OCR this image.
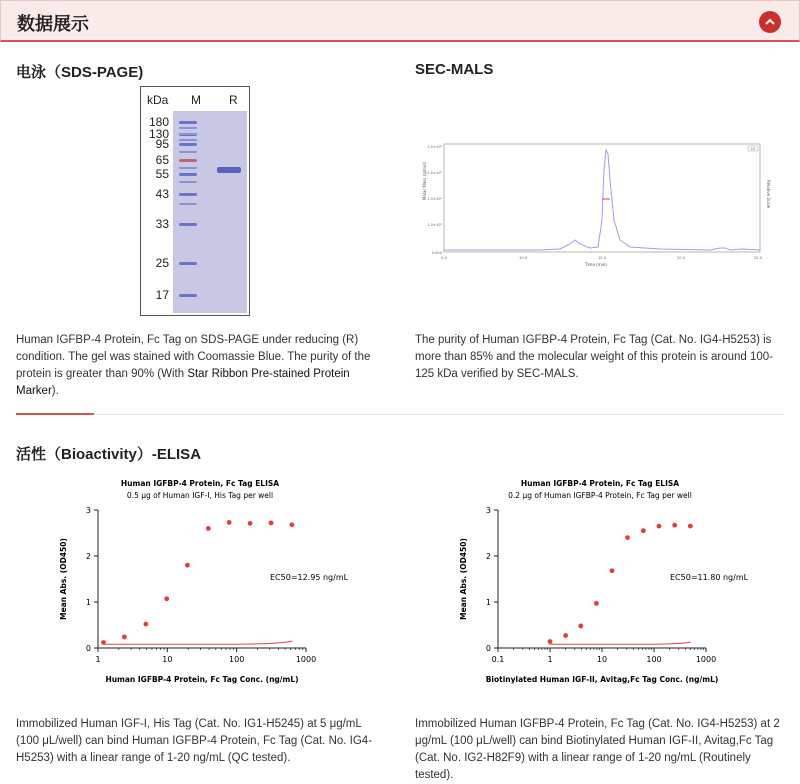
数据展示
电泳（SDS-PAGE)
kDa M R
180
130
95
65
55
43
33
25
17
Human IGFBP-4 Protein, Fc Tag on SDS-PAGE under reducing (R) condition. The gel was stained with Coomassie Blue. The purity of the protein is greater than 90% (With Star Ribbon Pre-stained Protein Marker).
SEC-MALS
Molar Mass (g/mol)	Relative Scale
Time (min)
1.0×10⁶
1.0×10⁵
1.0×10⁴
1.0×10³
0.000
0.0	10.0	15.0	20.0	25.0
LS
The purity of Human IGFBP-4 Protein, Fc Tag (Cat. No. IG4-H5253) is more than 85% and the molecular weight of this protein is around 100-125 kDa verified by SEC-MALS.
活性（Bioactivity）-ELISA
Human IGFBP-4 Protein, Fc Tag ELISA
0.5 μg of Human IGF-I, His Tag per well
0
1
2
3
1	10	100	1000
Human IGFBP-4 Protein, Fc Tag Conc. (ng/mL)
Mean Abs. (OD450)	EC50=12.95 ng/mL
Human IGFBP-4 Protein, Fc Tag ELISA
0.2 μg of Human IGFBP-4 Protein, Fc Tag per well
0
1
2
3
0.1	1	10	100	1000
Biotinylated Human IGF-II, Avitag,Fc Tag Conc. (ng/mL)
Mean Abs. (OD450)	EC50=11.80 ng/mL
Immobilized Human IGF-I, His Tag (Cat. No. IG1-H5245) at 5 μg/mL (100 μL/well) can bind Human IGFBP-4 Protein, Fc Tag (Cat. No. IG4-H5253) with a linear range of 1-20 ng/mL (QC tested).
Immobilized Human IGFBP-4 Protein, Fc Tag (Cat. No. IG4-H5253) at 2 μg/mL (100 μL/well) can bind Biotinylated Human IGF-II, Avitag,Fc Tag (Cat. No. IG2-H82F9) with a linear range of 1-20 ng/mL (Routinely tested).
